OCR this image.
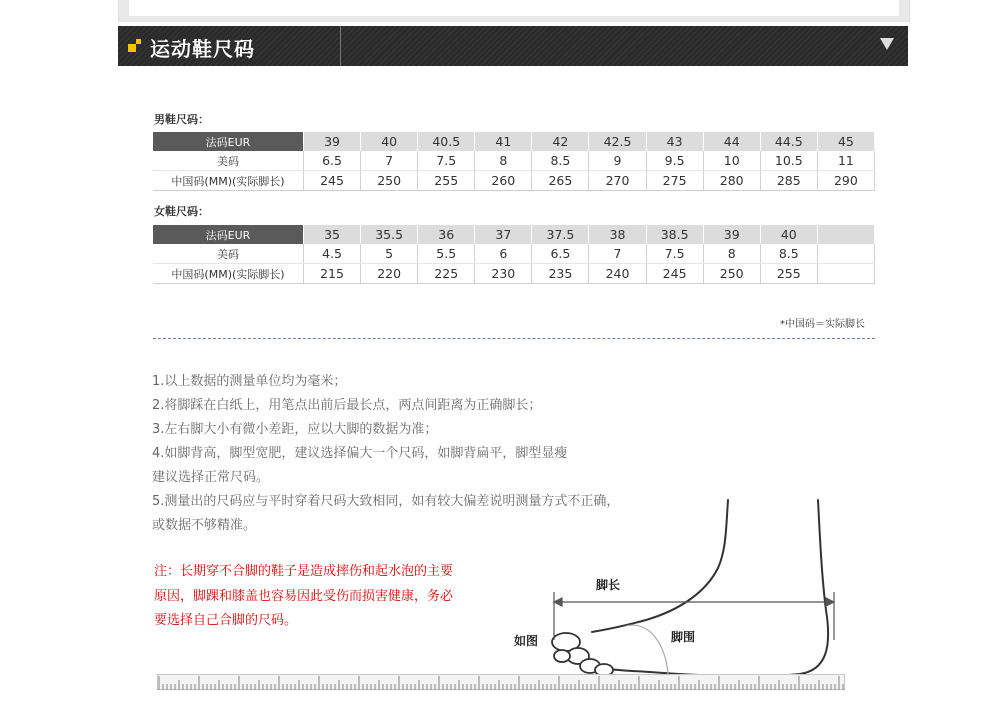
运动鞋尺码
男鞋尺码：
法码EUR	39	40	40.5	41	42	42.5	43	44	44.5	45
美码	6.5	7	7.5	8	8.5	9	9.5	10	10.5	11
中国码(MM)(实际脚长)	245	250	255	260	265	270	275	280	285	290
女鞋尺码：
法码EUR	35	35.5	36	37	37.5	38	38.5	39	40	
美码	4.5	5	5.5	6	6.5	7	7.5	8	8.5	
中国码(MM)(实际脚长)	215	220	225	230	235	240	245	250	255	
*中国码＝实际脚长
1.以上数据的测量单位均为毫米；
2.将脚踩在白纸上，用笔点出前后最长点，两点间距离为正确脚长；
3.左右脚大小有微小差距，应以大脚的数据为准；
4.如脚背高，脚型宽肥，建议选择偏大一个尺码，如脚背扁平，脚型显瘦
建议选择正常尺码。
5.测量出的尺码应与平时穿着尺码大致相同，如有较大偏差说明测量方式不正确，
或数据不够精准。
注：长期穿不合脚的鞋子是造成摔伤和起水泡的主要
原因，脚踝和膝盖也容易因此受伤而损害健康，务必
要选择自己合脚的尺码。
脚长
脚围
如图
